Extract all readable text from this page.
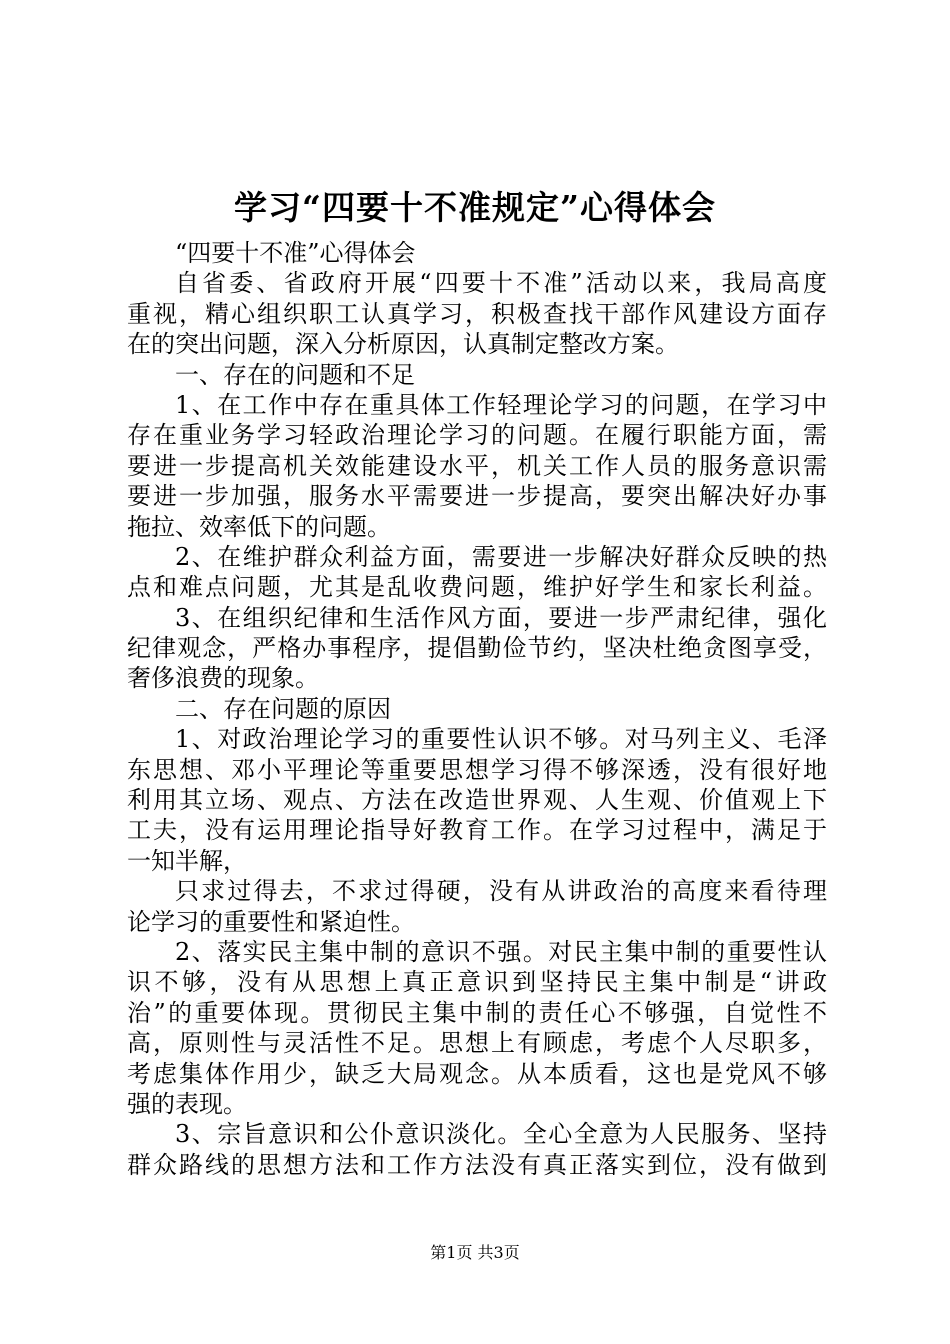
学习“四要十不准规定”心得体会
“四要十不准”心得体会
自省委、省政府开展“四要十不准”活动以来，我局高度
重视，精心组织职工认真学习，积极查找干部作风建设方面存
在的突出问题，深入分析原因，认真制定整改方案。
一、存在的问题和不足
1、在工作中存在重具体工作轻理论学习的问题，在学习中
存在重业务学习轻政治理论学习的问题。在履行职能方面，需
要进一步提高机关效能建设水平，机关工作人员的服务意识需
要进一步加强，服务水平需要进一步提高，要突出解决好办事
拖拉、效率低下的问题。
2、在维护群众利益方面，需要进一步解决好群众反映的热
点和难点问题，尤其是乱收费问题，维护好学生和家长利益。
3、在组织纪律和生活作风方面，要进一步严肃纪律，强化
纪律观念，严格办事程序，提倡勤俭节约，坚决杜绝贪图享受，
奢侈浪费的现象。
二、存在问题的原因
1、对政治理论学习的重要性认识不够。对马列主义、毛泽
东思想、邓小平理论等重要思想学习得不够深透，没有很好地
利用其立场、观点、方法在改造世界观、人生观、价值观上下
工夫，没有运用理论指导好教育工作。在学习过程中，满足于
一知半解，
只求过得去，不求过得硬，没有从讲政治的高度来看待理
论学习的重要性和紧迫性。
2、落实民主集中制的意识不强。对民主集中制的重要性认
识不够，没有从思想上真正意识到坚持民主集中制是“讲政
治”的重要体现。贯彻民主集中制的责任心不够强，自觉性不
高，原则性与灵活性不足。思想上有顾虑，考虑个人尽职多，
考虑集体作用少，缺乏大局观念。从本质看，这也是党风不够
强的表现。
3、宗旨意识和公仆意识淡化。全心全意为人民服务、坚持
群众路线的思想方法和工作方法没有真正落实到位，没有做到
第1页 共3页
